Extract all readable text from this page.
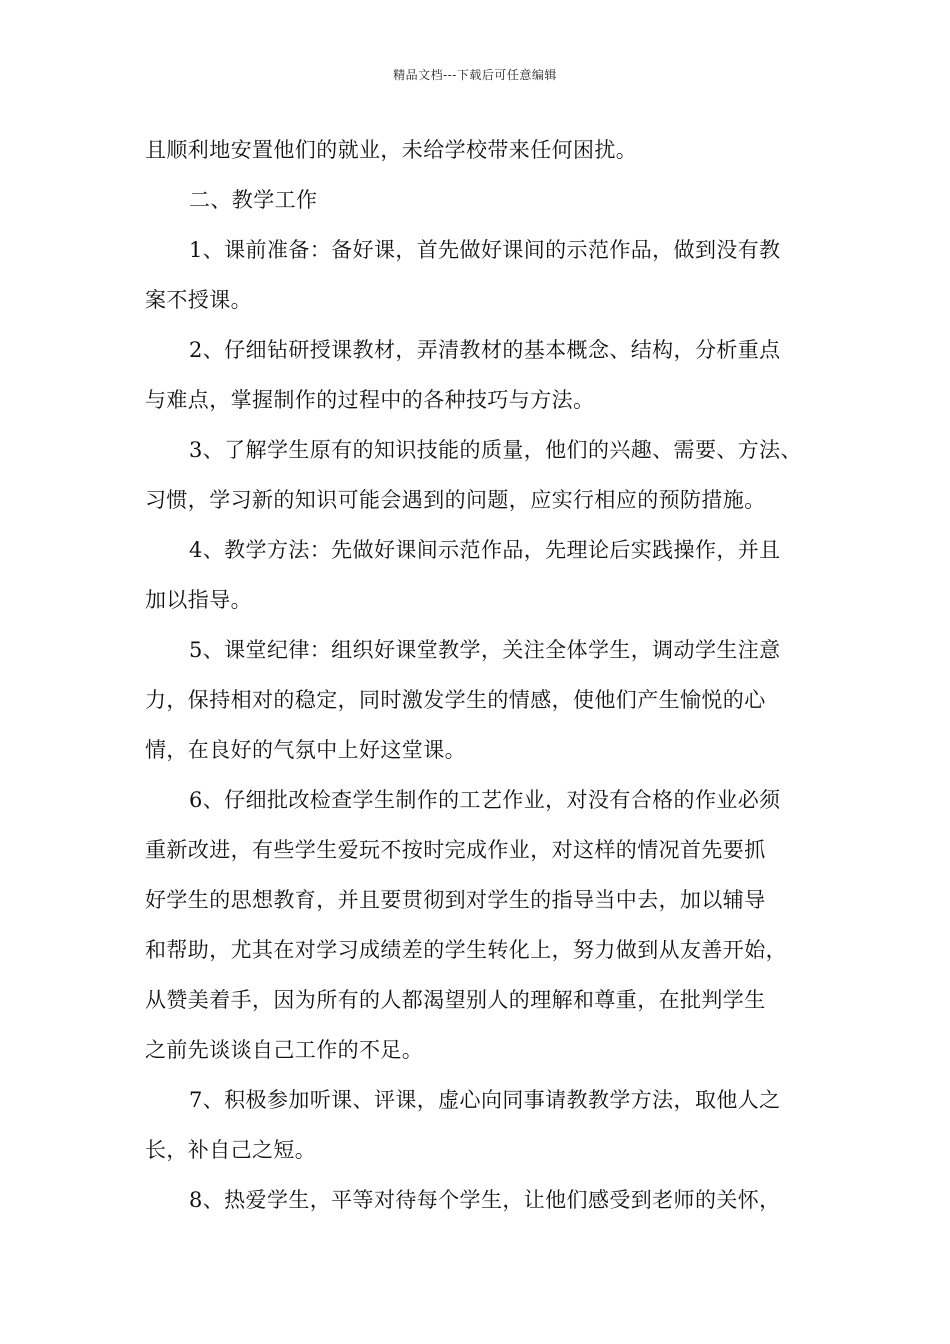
精品文档---下载后可任意编辑
且顺利地安置他们的就业，未给学校带来任何困扰。
二、教学工作
1、课前准备：备好课，首先做好课间的示范作品，做到没有教
案不授课。
2、仔细钻研授课教材，弄清教材的基本概念、结构，分析重点
与难点，掌握制作的过程中的各种技巧与方法。
3、了解学生原有的知识技能的质量，他们的兴趣、需要、方法、
习惯，学习新的知识可能会遇到的问题，应实行相应的预防措施。
4、教学方法：先做好课间示范作品，先理论后实践操作，并且
加以指导。
5、课堂纪律：组织好课堂教学，关注全体学生，调动学生注意
力，保持相对的稳定，同时激发学生的情感，使他们产生愉悦的心
情，在良好的气氛中上好这堂课。
6、仔细批改检查学生制作的工艺作业，对没有合格的作业必须
重新改进，有些学生爱玩不按时完成作业，对这样的情况首先要抓
好学生的思想教育，并且要贯彻到对学生的指导当中去，加以辅导
和帮助，尤其在对学习成绩差的学生转化上，努力做到从友善开始，
从赞美着手，因为所有的人都渴望别人的理解和尊重，在批判学生
之前先谈谈自己工作的不足。
7、积极参加听课、评课，虚心向同事请教教学方法，取他人之
长，补自己之短。
8、热爱学生，平等对待每个学生，让他们感受到老师的关怀，
